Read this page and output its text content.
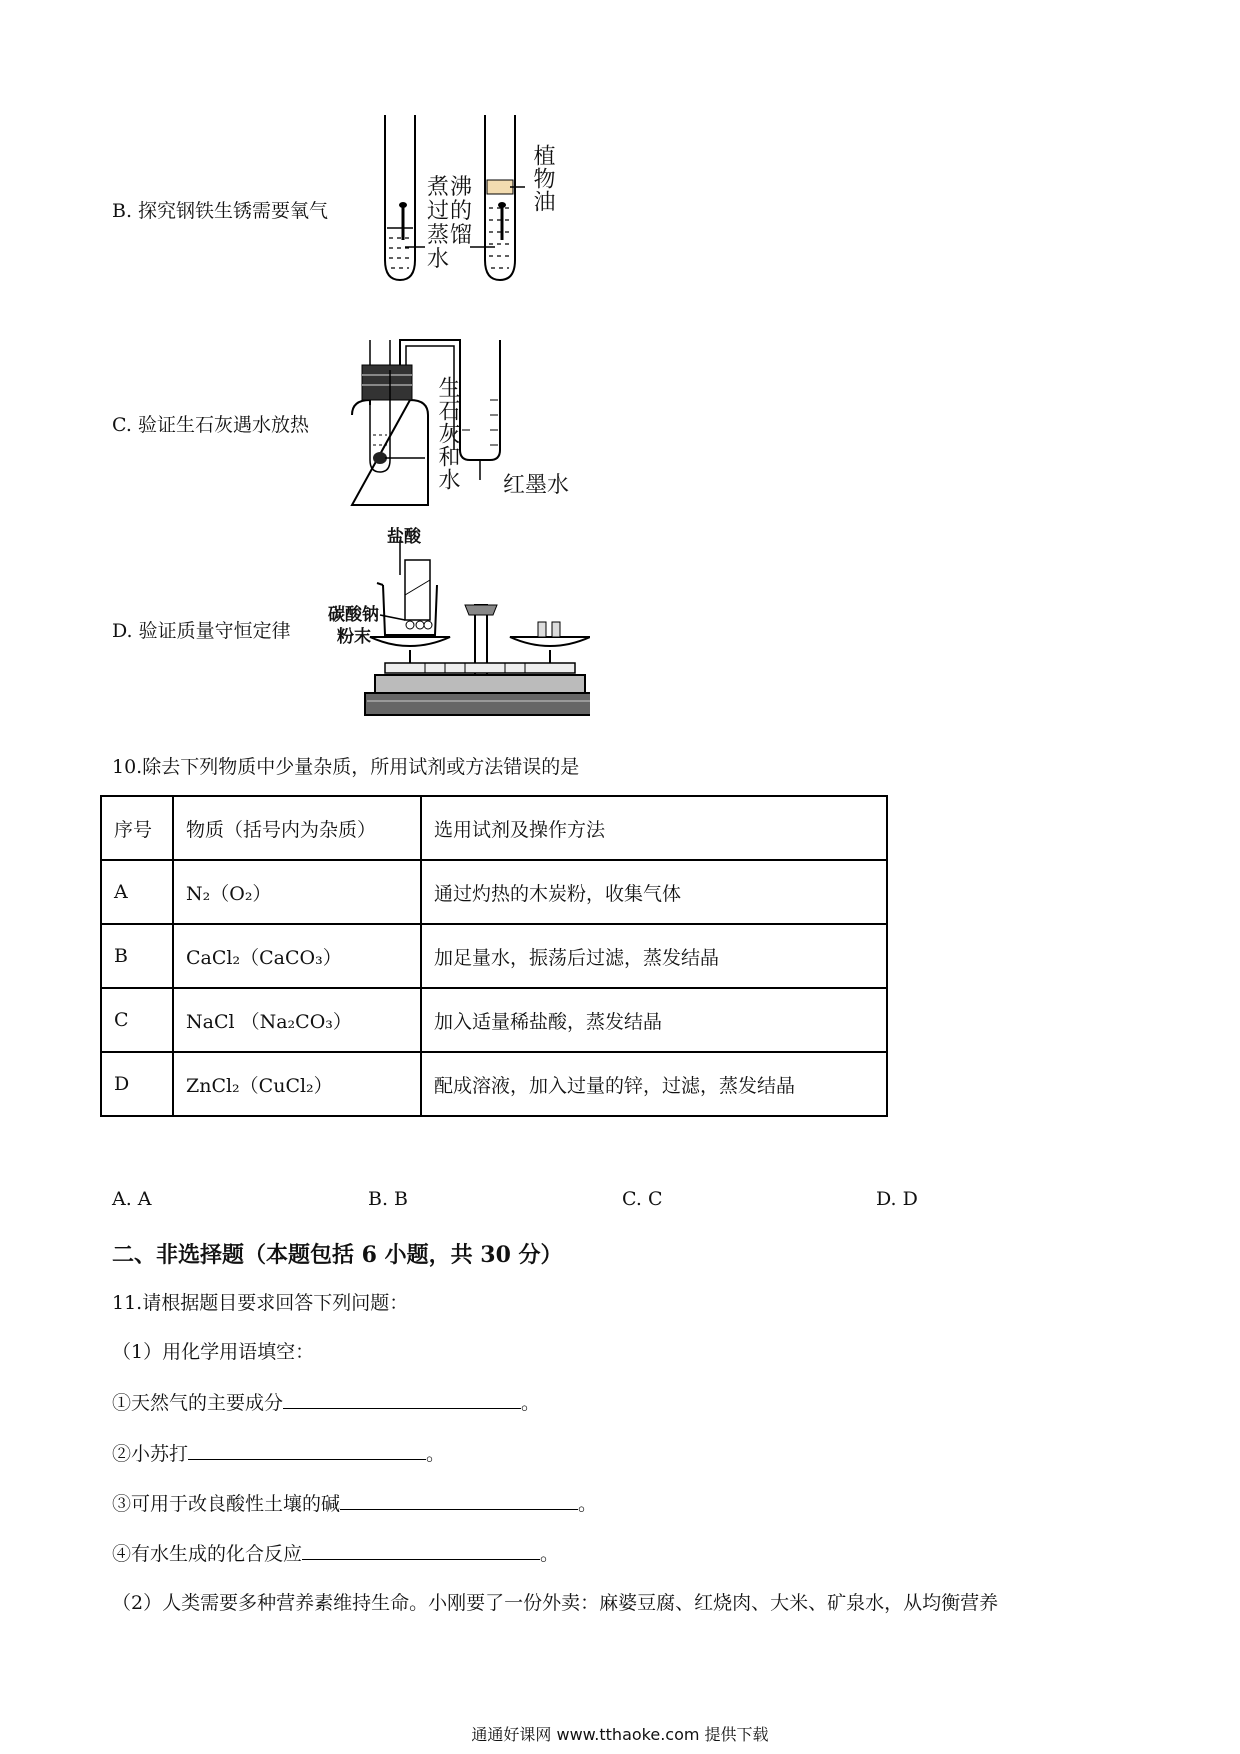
B. 探究钢铁生锈需要氧气
煮沸过的蒸馏水
植物油
C. 验证生石灰遇水放热	生石灰和水 红墨水
D. 验证质量守恒定律
盐酸
碳酸钠
粉末
10.除去下列物质中少量杂质，所用试剂或方法错误的是
序号	物质（括号内为杂质）	选用试剂及操作方法
A	N₂（O₂）	通过灼热的木炭粉，收集气体
B	CaCl₂（CaCO₃）	加足量水，振荡后过滤，蒸发结晶
C	NaCl （Na₂CO₃）	加入适量稀盐酸，蒸发结晶
D	ZnCl₂（CuCl₂）	配成溶液，加入过量的锌，过滤，蒸发结晶
A. A	B. B	C. C	D. D
二、非选择题（本题包括 6 小题，共 30 分）
11.请根据题目要求回答下列问题：
（1）用化学用语填空：
①天然气的主要成分	。
②小苏打	。
③可用于改良酸性土壤的碱	。
④有水生成的化合反应	。
（2）人类需要多种营养素维持生命。小刚要了一份外卖：麻婆豆腐、红烧肉、大米、矿泉水，从均衡营养
通通好课网 www.tthaoke.com 提供下载
